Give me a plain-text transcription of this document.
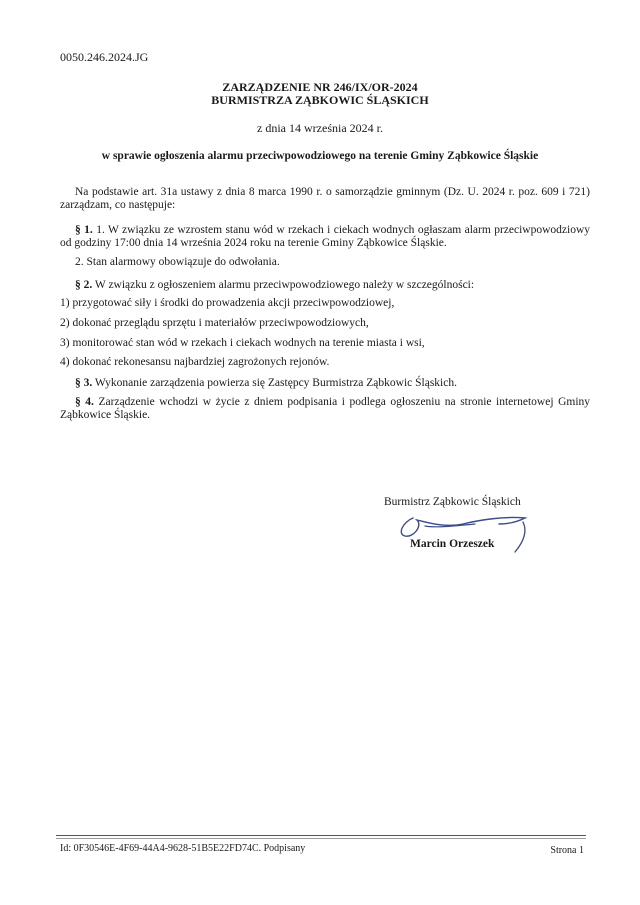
0050.246.2024.JG
ZARZĄDZENIE NR 246/IX/OR-2024
BURMISTRZA ZĄBKOWIC ŚLĄSKICH
z dnia 14 września 2024 r.
w sprawie ogłoszenia alarmu przeciwpowodziowego na terenie Gminy Ząbkowice Śląskie
Na podstawie art. 31a ustawy z dnia 8 marca 1990 r. o samorządzie gminnym (Dz. U. 2024 r. poz. 609 i 721) zarządzam, co następuje:
§ 1. 1. W związku ze wzrostem stanu wód w rzekach i ciekach wodnych ogłaszam alarm przeciwpowodziowy od godziny 17:00 dnia 14 września 2024 roku na terenie Gminy Ząbkowice Śląskie.
2. Stan alarmowy obowiązuje do odwołania.
§ 2. W związku z ogłoszeniem alarmu przeciwpowodziowego należy w szczególności:
1) przygotować siły i środki do prowadzenia akcji przeciwpowodziowej,
2) dokonać przeglądu sprzętu i materiałów przeciwpowodziowych,
3) monitorować stan wód w rzekach i ciekach wodnych na terenie miasta i wsi,
4) dokonać rekonesansu najbardziej zagrożonych rejonów.
§ 3. Wykonanie zarządzenia powierza się Zastępcy Burmistrza Ząbkowic Śląskich.
§ 4. Zarządzenie wchodzi w życie z dniem podpisania i podlega ogłoszeniu na stronie internetowej Gminy Ząbkowice Śląskie.
Burmistrz Ząbkowic Śląskich
Marcin Orzeszek
Id: 0F30546E-4F69-44A4-9628-51B5E22FD74C. Podpisany	Strona 1
